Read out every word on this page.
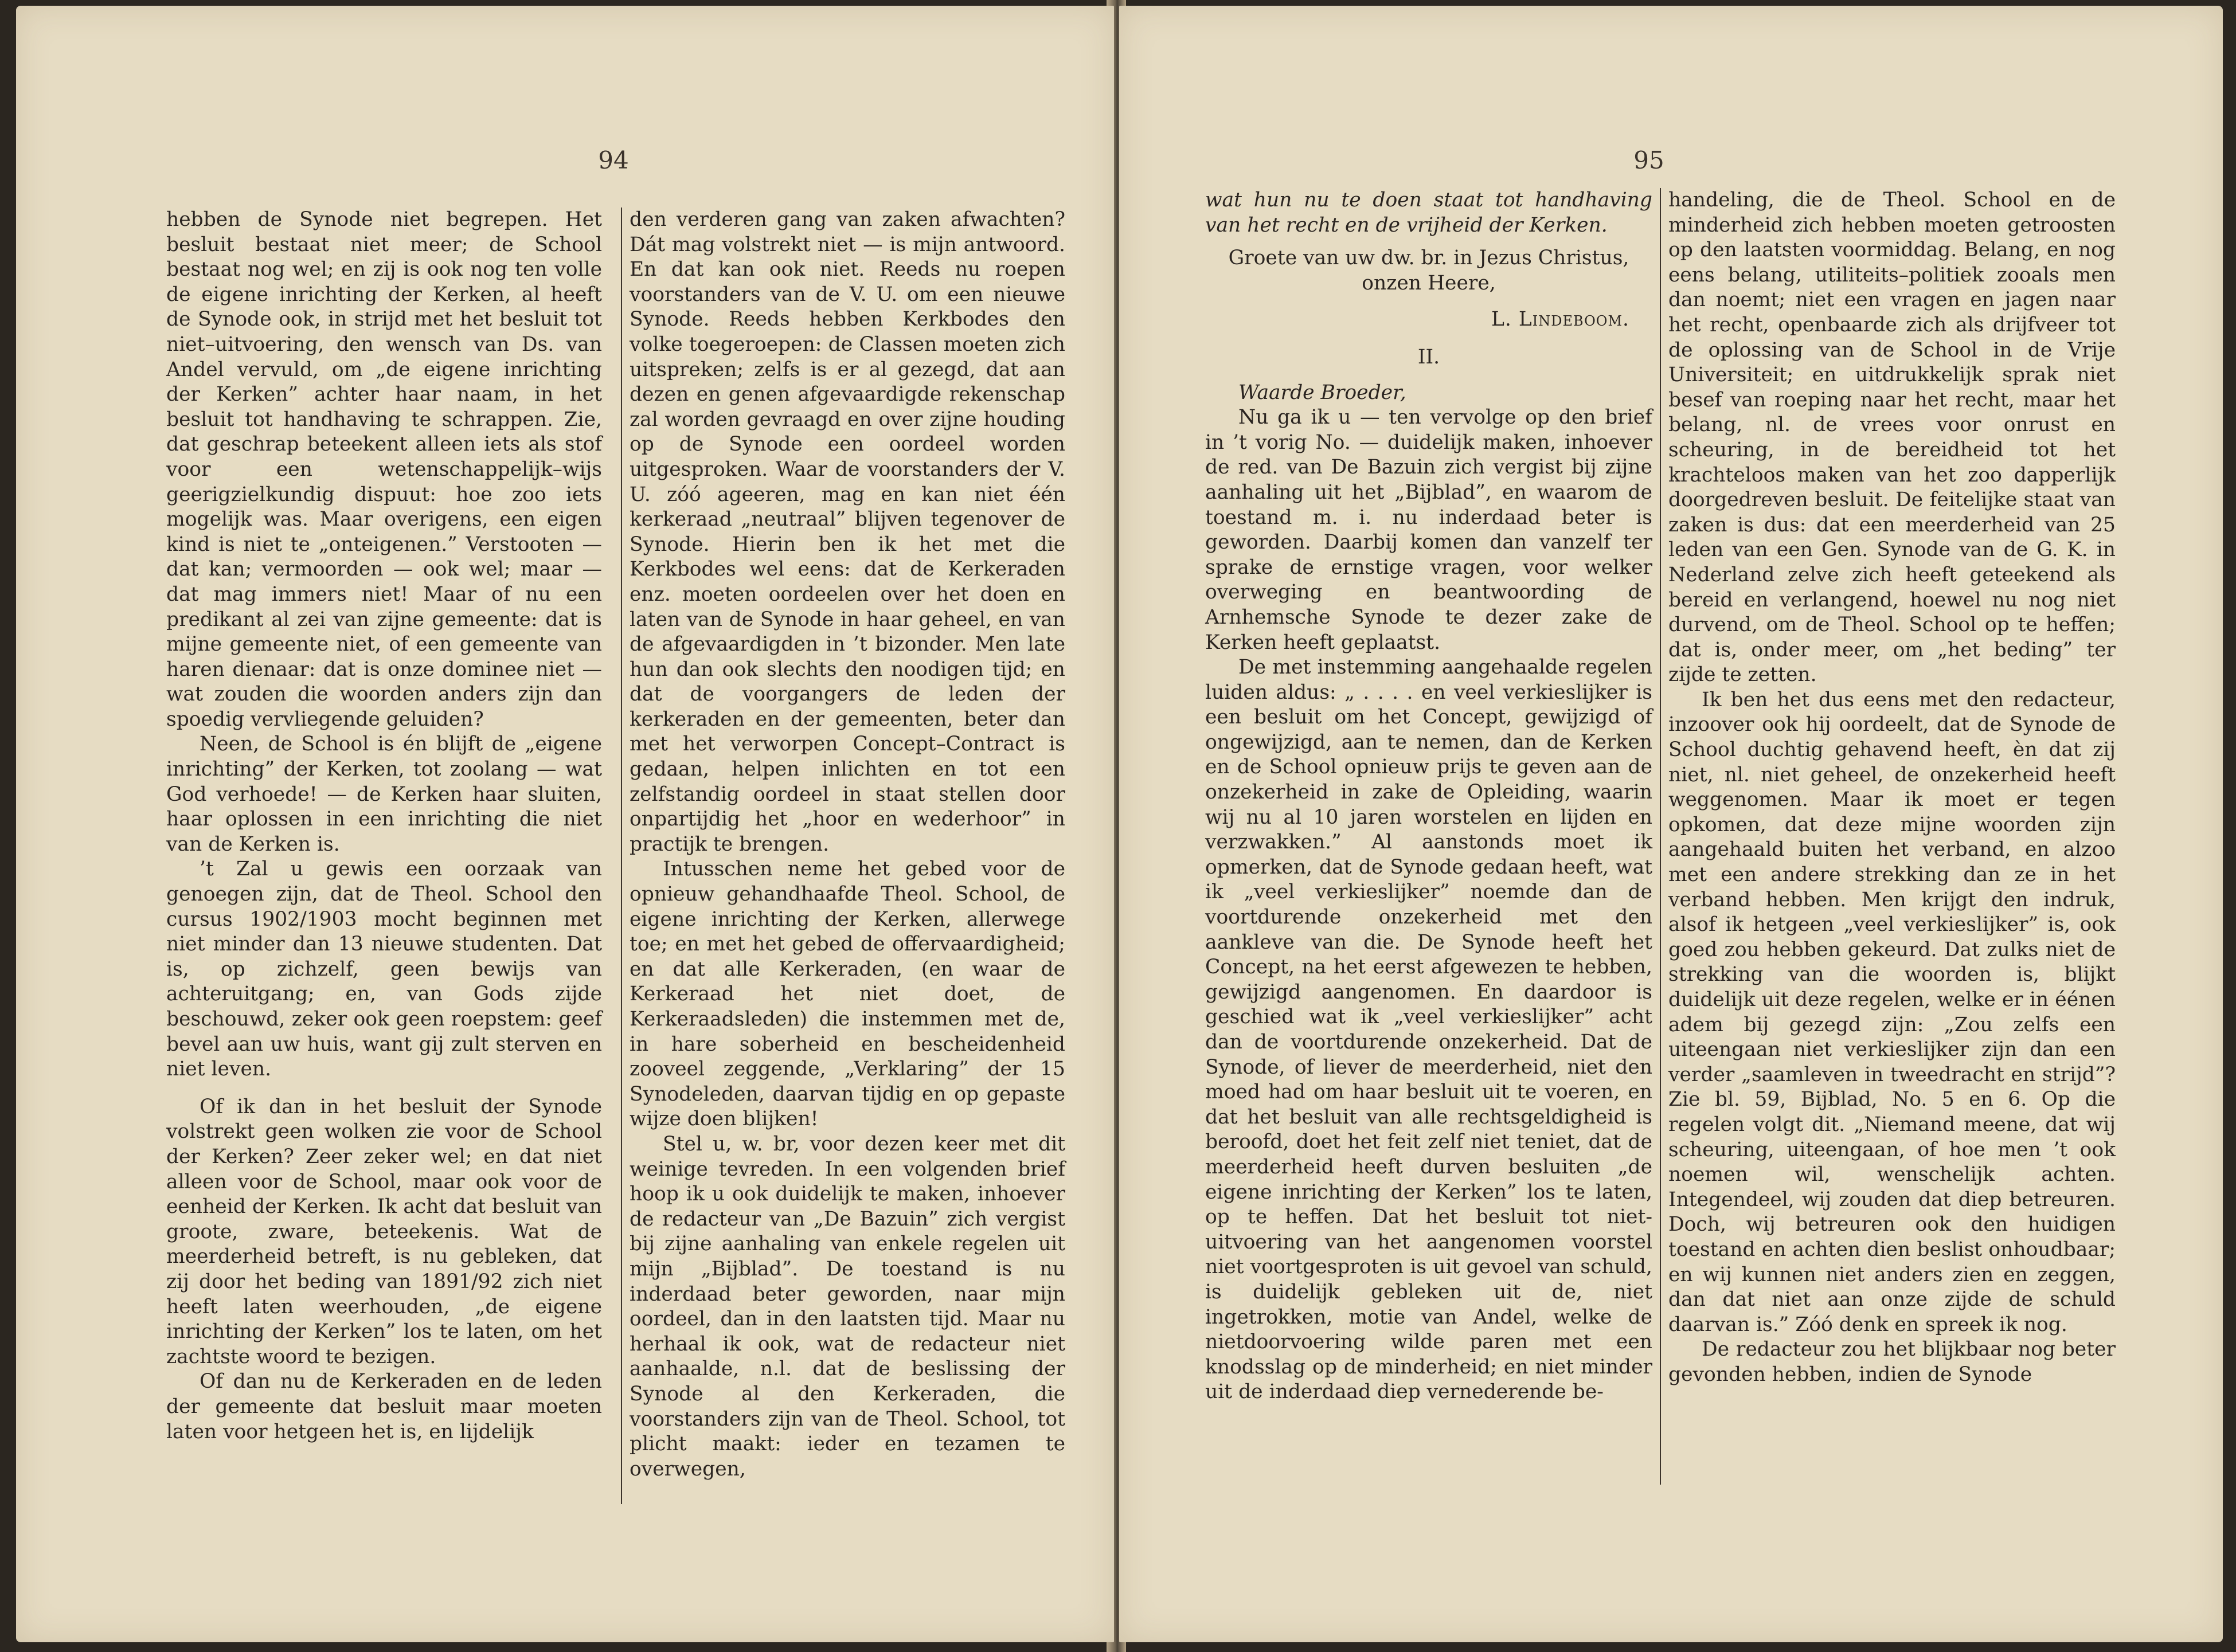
94

hebben de Synode niet begrepen. Het besluit bestaat niet meer; de School bestaat nog wel; en zij is ook nog ten volle de eigene inrichting der Kerken, al heeft de Synode ook, in strijd met het besluit tot niet–uitvoering, den wensch van Ds. van Andel vervuld, om „de eigene inrichting der Kerken” achter haar naam, in het besluit tot handhaving te schrappen. Zie, dat geschrap beteekent alleen iets als stof voor een wetenschappelijk–wijs geerigzielkundig dispuut: hoe zoo iets mogelijk was. Maar overigens, een eigen kind is niet te „onteigenen.” Verstooten — dat kan; vermoorden — ook wel; maar — dat mag immers niet! Maar of nu een predikant al zei van zijne gemeente: dat is mijne gemeente niet, of een gemeente van haren dienaar: dat is onze dominee niet — wat zouden die woorden anders zijn dan spoedig vervliegende geluiden?

Neen, de School is én blijft de „eigene inrichting” der Kerken, tot zoolang — wat God verhoede! — de Kerken haar sluiten, haar oplossen in een inrichting die niet van de Kerken is.

’t Zal u gewis een oorzaak van genoegen zijn, dat de Theol. School den cursus 1902/1903 mocht beginnen met niet minder dan 13 nieuwe studenten. Dat is, op zichzelf, geen bewijs van achteruitgang; en, van Gods zijde beschouwd, zeker ook geen roepstem: geef bevel aan uw huis, want gij zult sterven en niet leven.

Of ik dan in het besluit der Synode volstrekt geen wolken zie voor de School der Kerken? Zeer zeker wel; en dat niet alleen voor de School, maar ook voor de eenheid der Kerken. Ik acht dat besluit van groote, zware, beteekenis. Wat de meerderheid betreft, is nu gebleken, dat zij door het beding van 1891/92 zich niet heeft laten weerhouden, „de eigene inrichting der Kerken” los te laten, om het zachtste woord te bezigen.

Of dan nu de Kerkeraden en de leden der gemeente dat besluit maar moeten laten voor hetgeen het is, en lijdelijk

den verderen gang van zaken afwachten? Dát mag volstrekt niet — is mijn antwoord. En dat kan ook niet. Reeds nu roepen voorstanders van de V. U. om een nieuwe Synode. Reeds hebben Kerkbodes den volke toegeroepen: de Classen moeten zich uitspreken; zelfs is er al gezegd, dat aan dezen en genen afgevaardigde rekenschap zal worden gevraagd en over zijne houding op de Synode een oordeel worden uitgesproken. Waar de voorstanders der V. U. zóó ageeren, mag en kan niet één kerkeraad „neutraal” blijven tegenover de Synode. Hierin ben ik het met die Kerkbodes wel eens: dat de Kerkeraden enz. moeten oordeelen over het doen en laten van de Synode in haar geheel, en van de afgevaardigden in ’t bizonder. Men late hun dan ook slechts den noodigen tijd; en dat de voorgangers de leden der kerkeraden en der gemeenten, beter dan met het verworpen Concept–Contract is gedaan, helpen inlichten en tot een zelfstandig oordeel in staat stellen door onpartijdig het „hoor en wederhoor” in practijk te brengen.

Intusschen neme het gebed voor de opnieuw gehandhaafde Theol. School, de eigene inrichting der Kerken, allerwege toe; en met het gebed de offervaardigheid; en dat alle Kerkeraden, (en waar de Kerkeraad het niet doet, de Kerkeraadsleden) die instemmen met de, in hare soberheid en bescheidenheid zooveel zeggende, „Verklaring” der 15 Synodeleden, daarvan tijdig en op gepaste wijze doen blijken!

Stel u, w. br, voor dezen keer met dit weinige tevreden. In een volgenden brief hoop ik u ook duidelijk te maken, inhoever de redacteur van „De Bazuin” zich vergist bij zijne aanhaling van enkele regelen uit mijn „Bijblad”. De toestand is nu inderdaad beter geworden, naar mijn oordeel, dan in den laatsten tijd. Maar nu herhaal ik ook, wat de redacteur niet aanhaalde, n.l. dat de beslissing der Synode al den Kerkeraden, die voorstanders zijn van de Theol. School, tot plicht maakt: ieder en tezamen te overwegen,

95

wat hun nu te doen staat tot handhaving van het recht en de vrijheid der Kerken.

Groete van uw dw. br. in Jezus Christus, onzen Heere,

L. Lindeboom.

II.

Waarde Broeder,

Nu ga ik u — ten vervolge op den brief in ’t vorig No. — duidelijk maken, inhoever de red. van De Bazuin zich vergist bij zijne aanhaling uit het „Bijblad”, en waarom de toestand m. i. nu inderdaad beter is geworden. Daarbij komen dan vanzelf ter sprake de ernstige vragen, voor welker overweging en beantwoording de Arnhemsche Synode te dezer zake de Kerken heeft geplaatst.

De met instemming aangehaalde regelen luiden aldus: „ . . . . en veel verkieslijker is een besluit om het Concept, gewijzigd of ongewijzigd, aan te nemen, dan de Kerken en de School opnieuw prijs te geven aan de onzekerheid in zake de Opleiding, waarin wij nu al 10 jaren worstelen en lijden en verzwakken.” Al aanstonds moet ik opmerken, dat de Synode gedaan heeft, wat ik „veel verkieslijker” noemde dan de voortdurende onzekerheid met den aankleve van die. De Synode heeft het Concept, na het eerst afgewezen te hebben, gewijzigd aangenomen. En daardoor is geschied wat ik „veel verkieslijker” acht dan de voortdurende onzekerheid. Dat de Synode, of liever de meerderheid, niet den moed had om haar besluit uit te voeren, en dat het besluit van alle rechtsgeldigheid is beroofd, doet het feit zelf niet teniet, dat de meerderheid heeft durven besluiten „de eigene inrichting der Kerken” los te laten, op te heffen. Dat het besluit tot niet-uitvoering van het aangenomen voorstel niet voortgesproten is uit gevoel van schuld, is duidelijk gebleken uit de, niet ingetrokken, motie van Andel, welke de nietdoorvoering wilde paren met een knodsslag op de minderheid; en niet minder uit de inderdaad diep vernederende be-

handeling, die de Theol. School en de minderheid zich hebben moeten getroosten op den laatsten voormiddag. Belang, en nog eens belang, utiliteits–politiek zooals men dan noemt; niet een vragen en jagen naar het recht, openbaarde zich als drijfveer tot de oplossing van de School in de Vrije Universiteit; en uitdrukkelijk sprak niet besef van roeping naar het recht, maar het belang, nl. de vrees voor onrust en scheuring, in de bereidheid tot het krachteloos maken van het zoo dapperlijk doorgedreven besluit. De feitelijke staat van zaken is dus: dat een meerderheid van 25 leden van een Gen. Synode van de G. K. in Nederland zelve zich heeft geteekend als bereid en verlangend, hoewel nu nog niet durvend, om de Theol. School op te heffen; dat is, onder meer, om „het beding” ter zijde te zetten.

Ik ben het dus eens met den redacteur, inzoover ook hij oordeelt, dat de Synode de School duchtig gehavend heeft, èn dat zij niet, nl. niet geheel, de onzekerheid heeft weggenomen. Maar ik moet er tegen opkomen, dat deze mijne woorden zijn aangehaald buiten het verband, en alzoo met een andere strekking dan ze in het verband hebben. Men krijgt den indruk, alsof ik hetgeen „veel verkieslijker” is, ook goed zou hebben gekeurd. Dat zulks niet de strekking van die woorden is, blijkt duidelijk uit deze regelen, welke er in éénen adem bij gezegd zijn: „Zou zelfs een uiteengaan niet verkieslijker zijn dan een verder „saamleven in tweedracht en strijd”? Zie bl. 59, Bijblad, No. 5 en 6. Op die regelen volgt dit. „Niemand meene, dat wij scheuring, uiteengaan, of hoe men ’t ook noemen wil, wenschelijk achten. Integendeel, wij zouden dat diep betreuren. Doch, wij betreuren ook den huidigen toestand en achten dien beslist onhoudbaar; en wij kunnen niet anders zien en zeggen, dan dat niet aan onze zijde de schuld daarvan is.” Zóó denk en spreek ik nog.

De redacteur zou het blijkbaar nog beter gevonden hebben, indien de Synode
